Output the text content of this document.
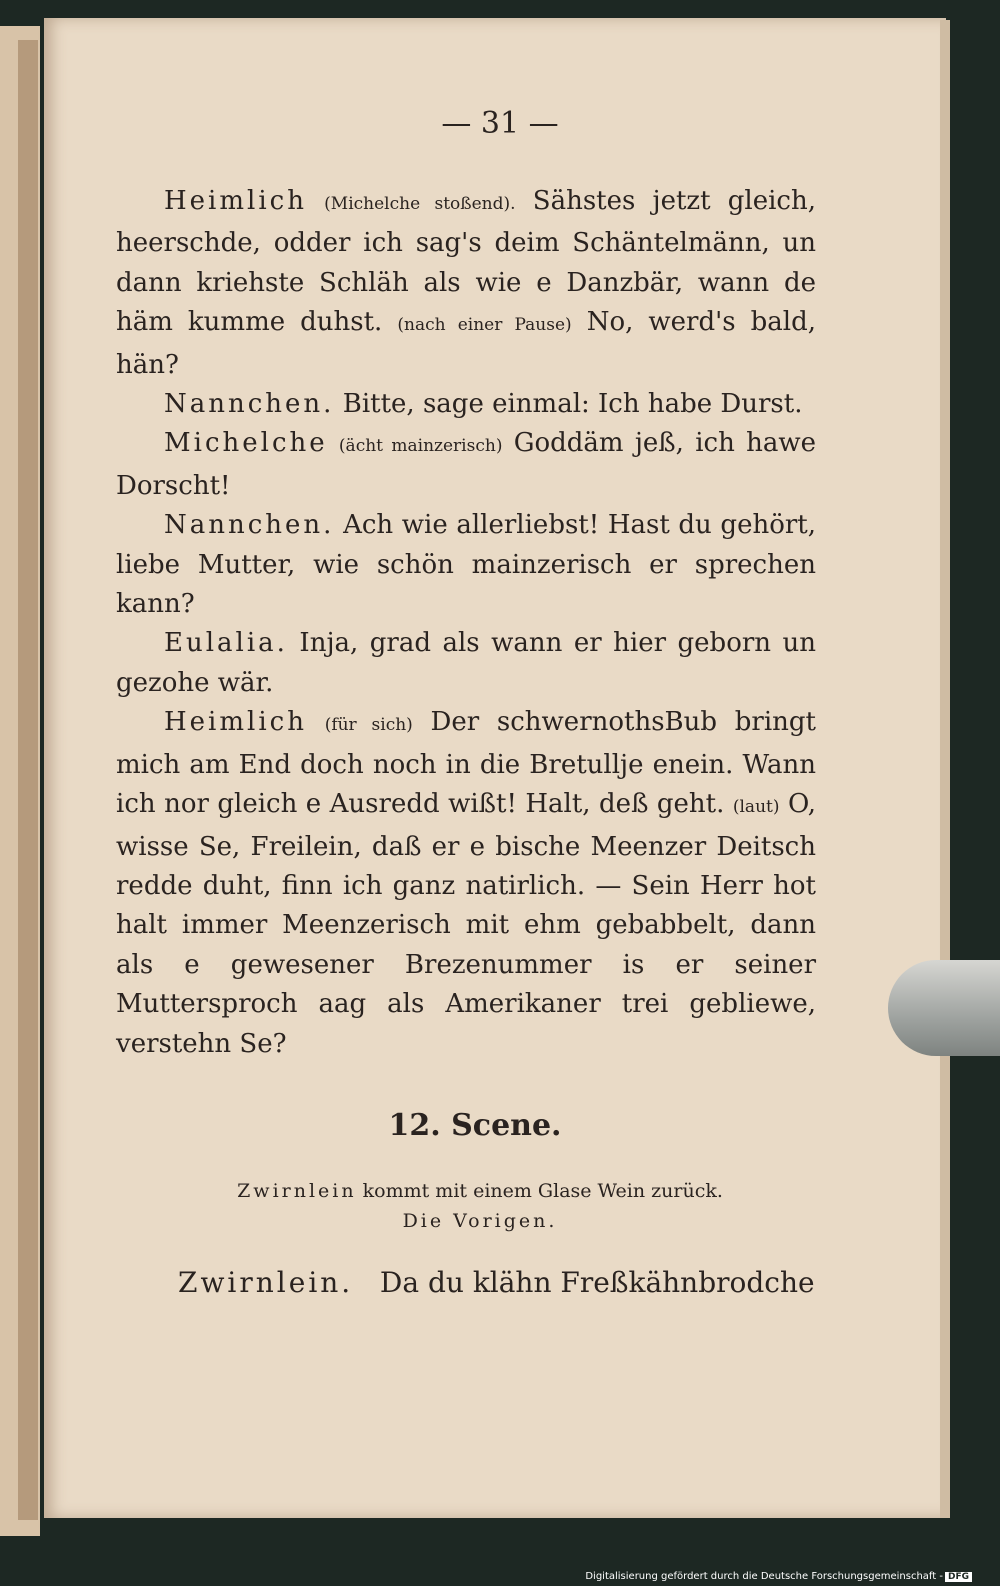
— 31 —

Heimlich (Michelche stoßend). Sähstes jetzt gleich, heerschde, odder ich sag's deim Schäntelmänn, un dann kriehste Schläh als wie e Danzbär, wann de häm kumme duhst. (nach einer Pause) No, werd's bald, hän?

Nannchen. Bitte, sage einmal: Ich habe Durst.

Michelche (ächt mainzerisch) Goddäm jeß, ich hawe Dorscht!

Nannchen. Ach wie allerliebst! Hast du gehört, liebe Mutter, wie schön mainzerisch er sprechen kann?

Eulalia. Inja, grad als wann er hier geborn un gezohe wär.

Heimlich (für sich) Der schwernothsBub bringt mich am End doch noch in die Bretullje enein. Wann ich nor gleich e Ausredd wißt! Halt, deß geht. (laut) O, wisse Se, Freilein, daß er e bische Meenzer Deitsch redde duht, finn ich ganz natirlich. — Sein Herr hot halt immer Meenzerisch mit ehm gebabbelt, dann als e gewesener Brezenummer is er seiner Muttersproch aag als Amerikaner trei gebliewe, verstehn Se?

12. Scene.
Zwirnlein kommt mit einem Glase Wein zurück.
Die Vorigen.
Zwirnlein.   Da du klähn Freßkähnbrodche
Digitalisierung gefördert durch die Deutsche Forschungsgemeinschaft - DFG
